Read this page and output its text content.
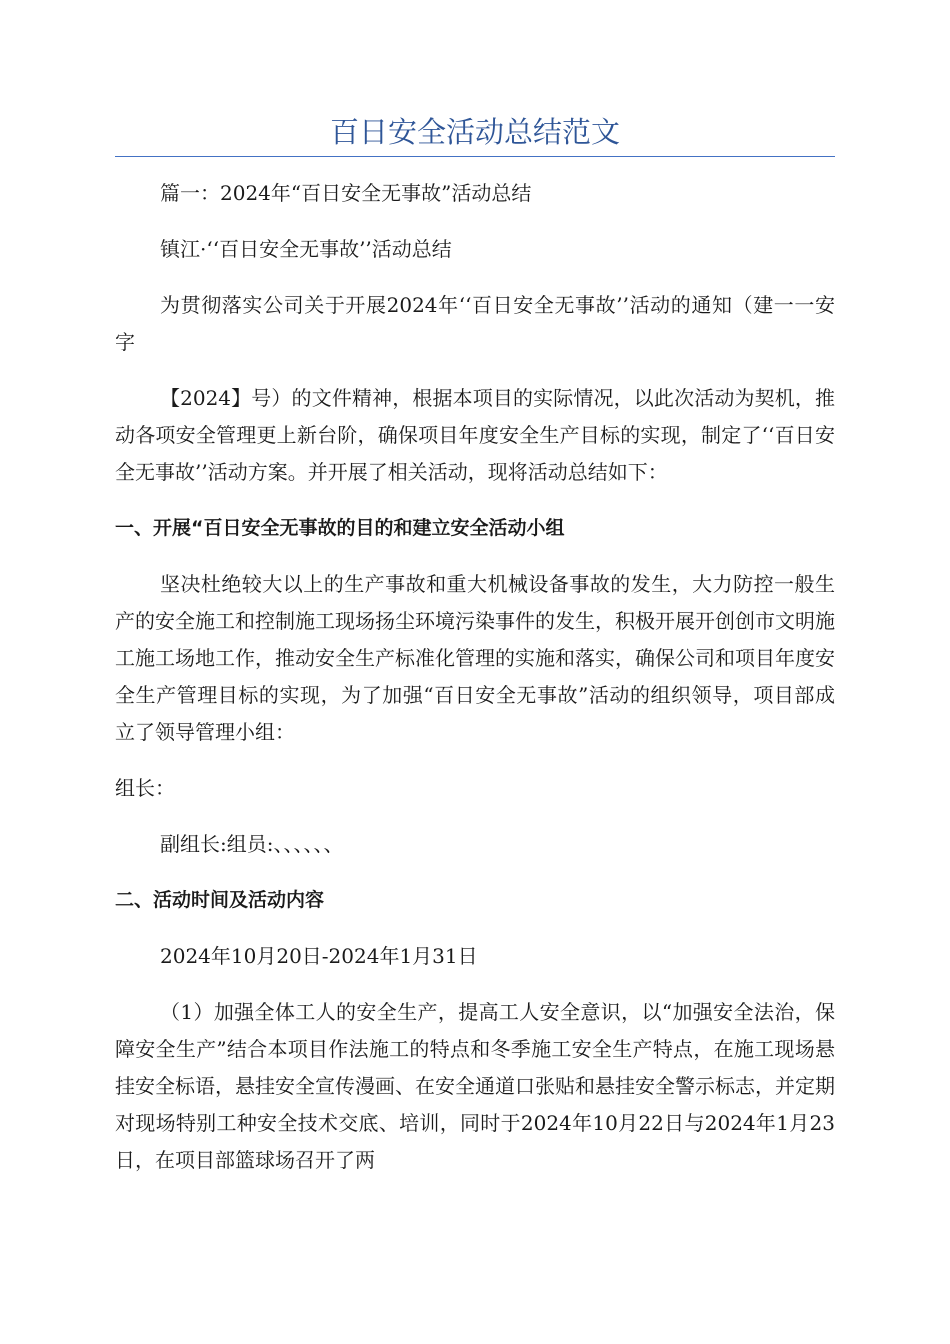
百日安全活动总结范文

篇一：2024年“百日安全无事故”活动总结

镇江·‘‘百日安全无事故’’活动总结

为贯彻落实公司关于开展2024年‘‘百日安全无事故’’活动的通知（建一一安字

【2024】号）的文件精神，根据本项目的实际情况，以此次活动为契机，推动各项安全管理更上新台阶，确保项目年度安全生产目标的实现，制定了‘‘百日安全无事故’’活动方案。并开展了相关活动，现将活动总结如下：

一、开展“百日安全无事故的目的和建立安全活动小组

坚决杜绝较大以上的生产事故和重大机械设备事故的发生，大力防控一般生产的安全施工和控制施工现场扬尘环境污染事件的发生，积极开展开创创市文明施工施工场地工作，推动安全生产标准化管理的实施和落实，确保公司和项目年度安全生产管理目标的实现，为了加强“百日安全无事故”活动的组织领导，项目部成立了领导管理小组：

组长：

副组长:组员:、、、、、、

二、活动时间及活动内容

2024年10月20日-2024年1月31日

（1）加强全体工人的安全生产，提高工人安全意识，以“加强安全法治，保障安全生产”结合本项目作法施工的特点和冬季施工安全生产特点，在施工现场悬挂安全标语，悬挂安全宣传漫画、在安全通道口张贴和悬挂安全警示标志，并定期对现场特别工种安全技术交底、培训，同时于2024年10月22日与2024年1月23日，在项目部篮球场召开了两
